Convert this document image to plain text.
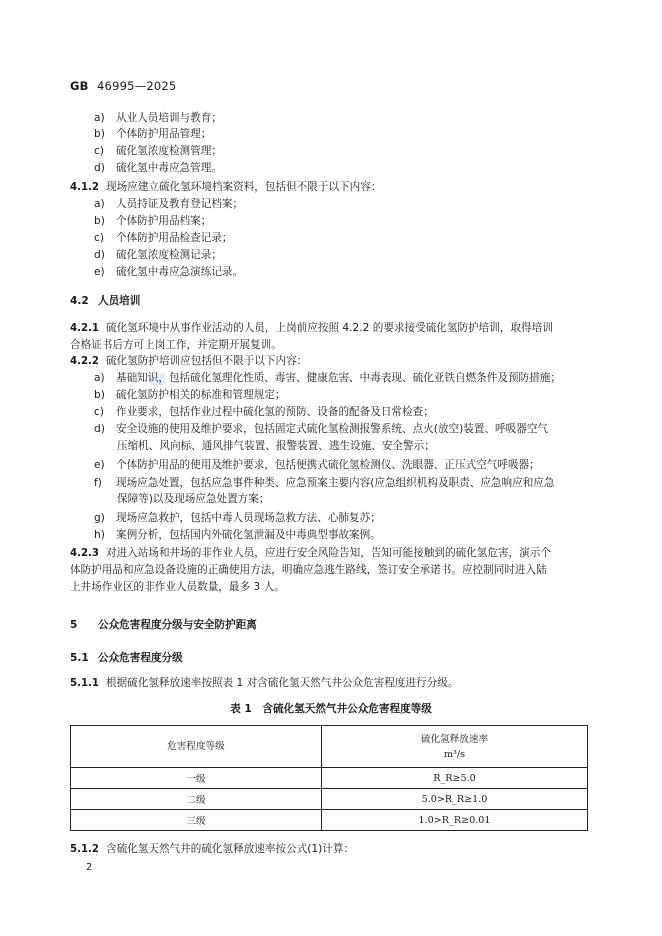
GB 46995—2025
a) 从业人员培训与教育；
b) 个体防护用品管理；
c) 硫化氢浓度检测管理；
d) 硫化氢中毒应急管理。
4.1.2 现场应建立硫化氢环境档案资料，包括但不限于以下内容：
a) 人员持证及教育登记档案；
b) 个体防护用品档案；
c) 个体防护用品检查记录；
d) 硫化氢浓度检测记录；
e) 硫化氢中毒应急演练记录。
4.2 人员培训
4.2.1 硫化氢环境中从事作业活动的人员，上岗前应按照 4.2.2 的要求接受硫化氢防护培训，取得培训
合格证书后方可上岗工作，并定期开展复训。
4.2.2 硫化氢防护培训应包括但不限于以下内容：
a) 基础知识，包括硫化氢理化性质、毒害、健康危害、中毒表现、硫化亚铁自燃条件及预防措施；
b) 硫化氢防护相关的标准和管理规定；
c) 作业要求，包括作业过程中硫化氢的预防、设备的配备及日常检查；
d) 安全设施的使用及维护要求，包括固定式硫化氢检测报警系统、点火(放空)装置、呼吸器空气
压缩机、风向标、通风排气装置、报警装置、逃生设施、安全警示；
e) 个体防护用品的使用及维护要求，包括便携式硫化氢检测仪、洗眼器、正压式空气呼吸器；
f) 现场应急处置，包括应急事件种类、应急预案主要内容(应急组织机构及职责、应急响应和应急
保障等)以及现场应急处置方案；
g) 现场应急救护，包括中毒人员现场急救方法、心肺复苏；
h) 案例分析，包括国内外硫化氢泄漏及中毒典型事故案例。
4.2.3 对进入站场和井场的非作业人员，应进行安全风险告知，告知可能接触到的硫化氢危害，演示个
体防护用品和应急设备设施的正确使用方法，明确应急逃生路线，签订安全承诺书。应控制同时进入陆
上井场作业区的非作业人员数量，最多 3 人。
5 公众危害程度分级与安全防护距离
5.1 公众危害程度分级
5.1.1 根据硫化氢释放速率按照表 1 对含硫化氢天然气井公众危害程度进行分级。
表 1　含硫化氢天然气井公众危害程度等级
危害程度等级	硫化氢释放速率
m³/s

一级	R_R≥5.0
二级	5.0>R_R≥1.0
三级	1.0>R_R≥0.01
5.1.2 含硫化氢天然气井的硫化氢释放速率按公式(1)计算：
2
